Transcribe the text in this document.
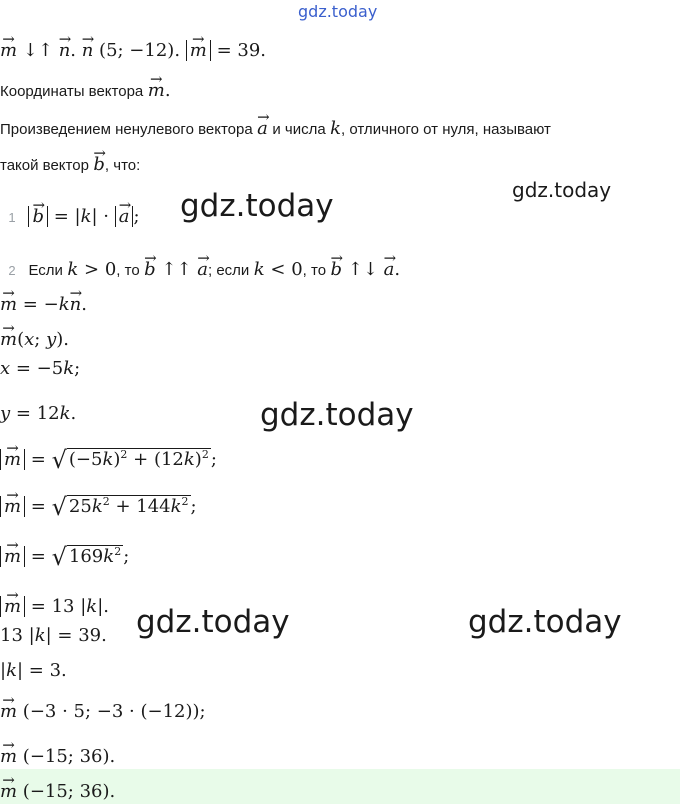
gdz.today
→ m ↓↑ → n. → n (5; −12). → m = 39.
Координаты вектора → m.
Произведением ненулевого вектора → a и числа k, отличного от нуля, называют
такой вектор → b, что:
gdz.today
1 → b = |k| · → a ; gdz.today
2 Если k > 0, то → b ↑↑ → a; если k < 0, то → b ↑↓ → a.
→ m = −k→ n.
→ m(x; y).
x = −5k;
y = 12k.	gdz.today
→ m = √ $(-5k)^2 + (12k)^2$ ;
→ m = √ $25k^2 + 144k^2$ ;
→ m = √ $169k^2$ ;
→ m = 13 |k|.
13 |k| = 39. gdz.today	gdz.today
|k| = 3.
→ m (−3 · 5; −3 · (−12));
→ m (−15; 36).
→ m (−15; 36).
